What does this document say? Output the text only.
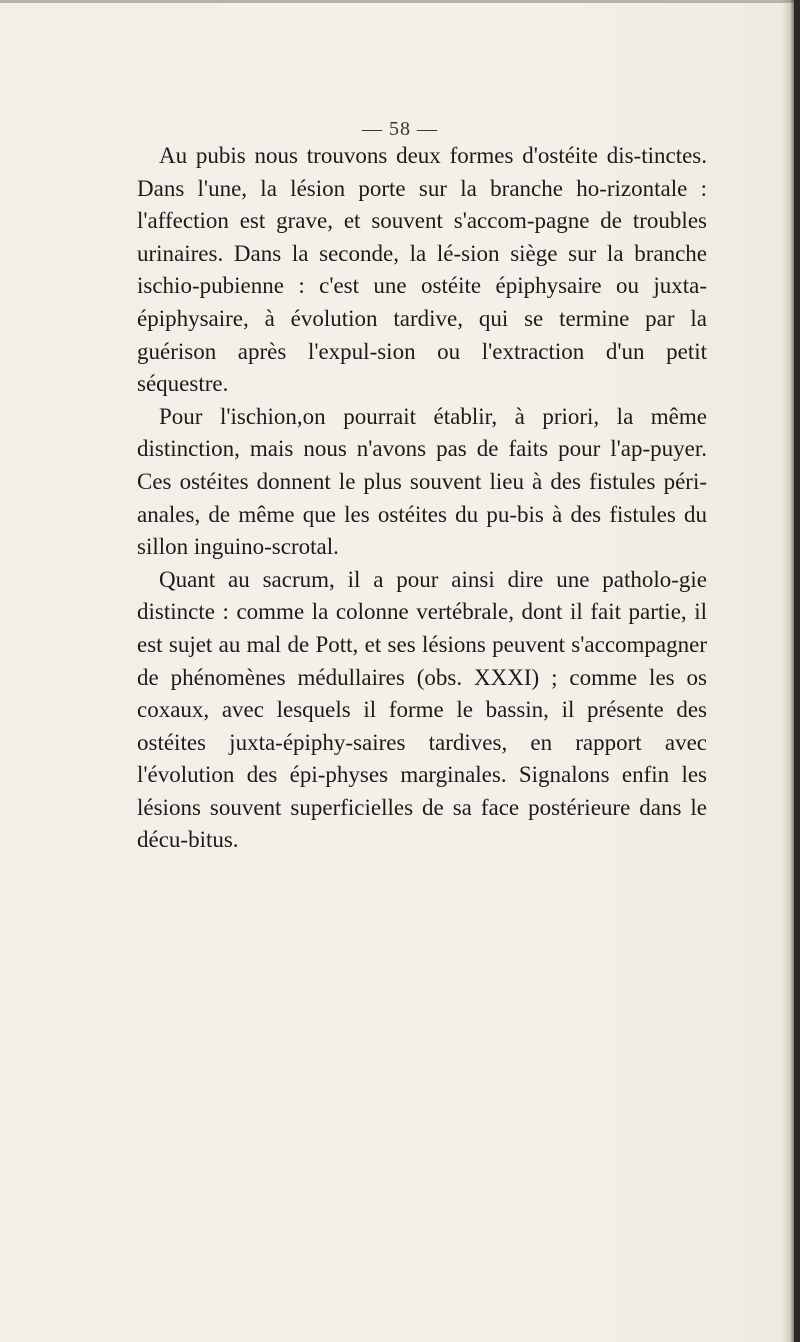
— 58 —

Au pubis nous trouvons deux formes d'ostéite dis-tinctes. Dans l'une, la lésion porte sur la branche ho-rizontale : l'affection est grave, et souvent s'accom-pagne de troubles urinaires. Dans la seconde, la lé-sion siège sur la branche ischio-pubienne : c'est une ostéite épiphysaire ou juxta-épiphysaire, à évolution tardive, qui se termine par la guérison après l'expul-sion ou l'extraction d'un petit séquestre.

Pour l'ischion,on pourrait établir, à priori, la même distinction, mais nous n'avons pas de faits pour l'ap-puyer. Ces ostéites donnent le plus souvent lieu à des fistules péri-anales, de même que les ostéites du pu-bis à des fistules du sillon inguino-scrotal.

Quant au sacrum, il a pour ainsi dire une patholo-gie distincte : comme la colonne vertébrale, dont il fait partie, il est sujet au mal de Pott, et ses lésions peuvent s'accompagner de phénomènes médullaires (obs. XXXI) ; comme les os coxaux, avec lesquels il forme le bassin, il présente des ostéites juxta-épiphy-saires tardives, en rapport avec l'évolution des épi-physes marginales. Signalons enfin les lésions souvent superficielles de sa face postérieure dans le décu-bitus.
